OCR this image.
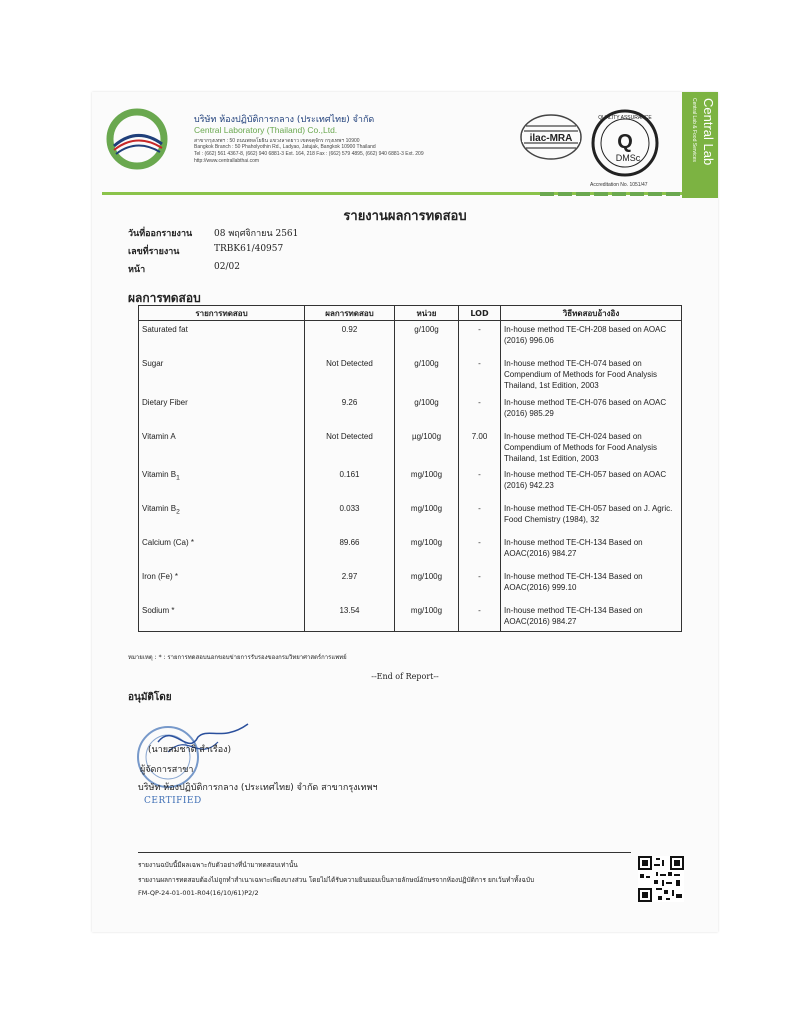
บริษัท ห้องปฏิบัติการกลาง (ประเทศไทย) จำกัด
Central Laboratory (Thailand) Co.,Ltd.
สาขากรุงเทพฯ : 50 ถนนพหลโยธิน แขวงลาดยาว เขตจตุจักร กรุงเทพฯ 10900
Bangkok Branch : 50 Phaholyothin Rd., Ladyao, Jatujak, Bangkok 10900 Thailand
Tel : (662) 561 4367-8, (662) 940 6881-3 Ext. 164, 218 Fax : (662) 579 4895, (662) 940 6881-3 Ext. 209
http://www.centrallabthai.com
ilac-MRA
QUALITY ASSURANCE
Q
DMSc
Accreditation No. 1051/47
Central Lab
Central Lab & Food Services
รายงานผลการทดสอบ
วันที่ออกรายงาน 08 พฤศจิกายน 2561
เลขที่รายงาน	TRBK61/40957
หน้า	02/02
ผลการทดสอบ
รายการทดสอบ	ผลการทดสอบ	หน่วย	LOD	วิธีทดสอบอ้างอิง
Saturated fat	0.92	g/100g	-	In-house method TE-CH-208 based on AOAC (2016) 996.06
Sugar	Not Detected	g/100g	-	In-house method TE-CH-074 based on Compendium of Methods for Food Analysis Thailand, 1st Edition, 2003
Dietary Fiber	9.26	g/100g	-	In-house method TE-CH-076 based on AOAC (2016) 985.29
Vitamin A	Not Detected	µg/100g	7.00	In-house method TE-CH-024 based on Compendium of Methods for Food Analysis Thailand, 1st Edition, 2003
Vitamin $B_1$	0.161	mg/100g	-	In-house method TE-CH-057 based on AOAC (2016) 942.23
Vitamin $B_2$	0.033	mg/100g	-	In-house method TE-CH-057 based on J. Agric. Food Chemistry (1984), 32
Calcium (Ca) *	89.66	mg/100g	-	In-house method TE-CH-134 Based on AOAC(2016) 984.27
Iron (Fe) *	2.97	mg/100g	-	In-house method TE-CH-134 Based on AOAC(2016) 999.10
Sodium *	13.54	mg/100g	-	In-house method TE-CH-134 Based on AOAC(2016) 984.27
หมายเหตุ : * : รายการทดสอบนอกขอบข่ายการรับรองของกรมวิทยาศาสตร์การแพทย์
--End of Report--
อนุมัติโดย
(นายสมชาติ สำเรือง)
ผู้จัดการสาขา
บริษัท ห้องปฏิบัติการกลาง (ประเทศไทย) จำกัด สาขากรุงเทพฯ
CERTIFIED
รายงานฉบับนี้มีผลเฉพาะกับตัวอย่างที่นำมาทดสอบเท่านั้น
รายงานผลการทดสอบต้องไม่ถูกทำสำเนาเฉพาะเพียงบางส่วน โดยไม่ได้รับความยินยอมเป็นลายลักษณ์อักษรจากห้องปฏิบัติการ ยกเว้นทำทั้งฉบับ
FM-QP-24-01-001-R04(16/10/61)P2/2
